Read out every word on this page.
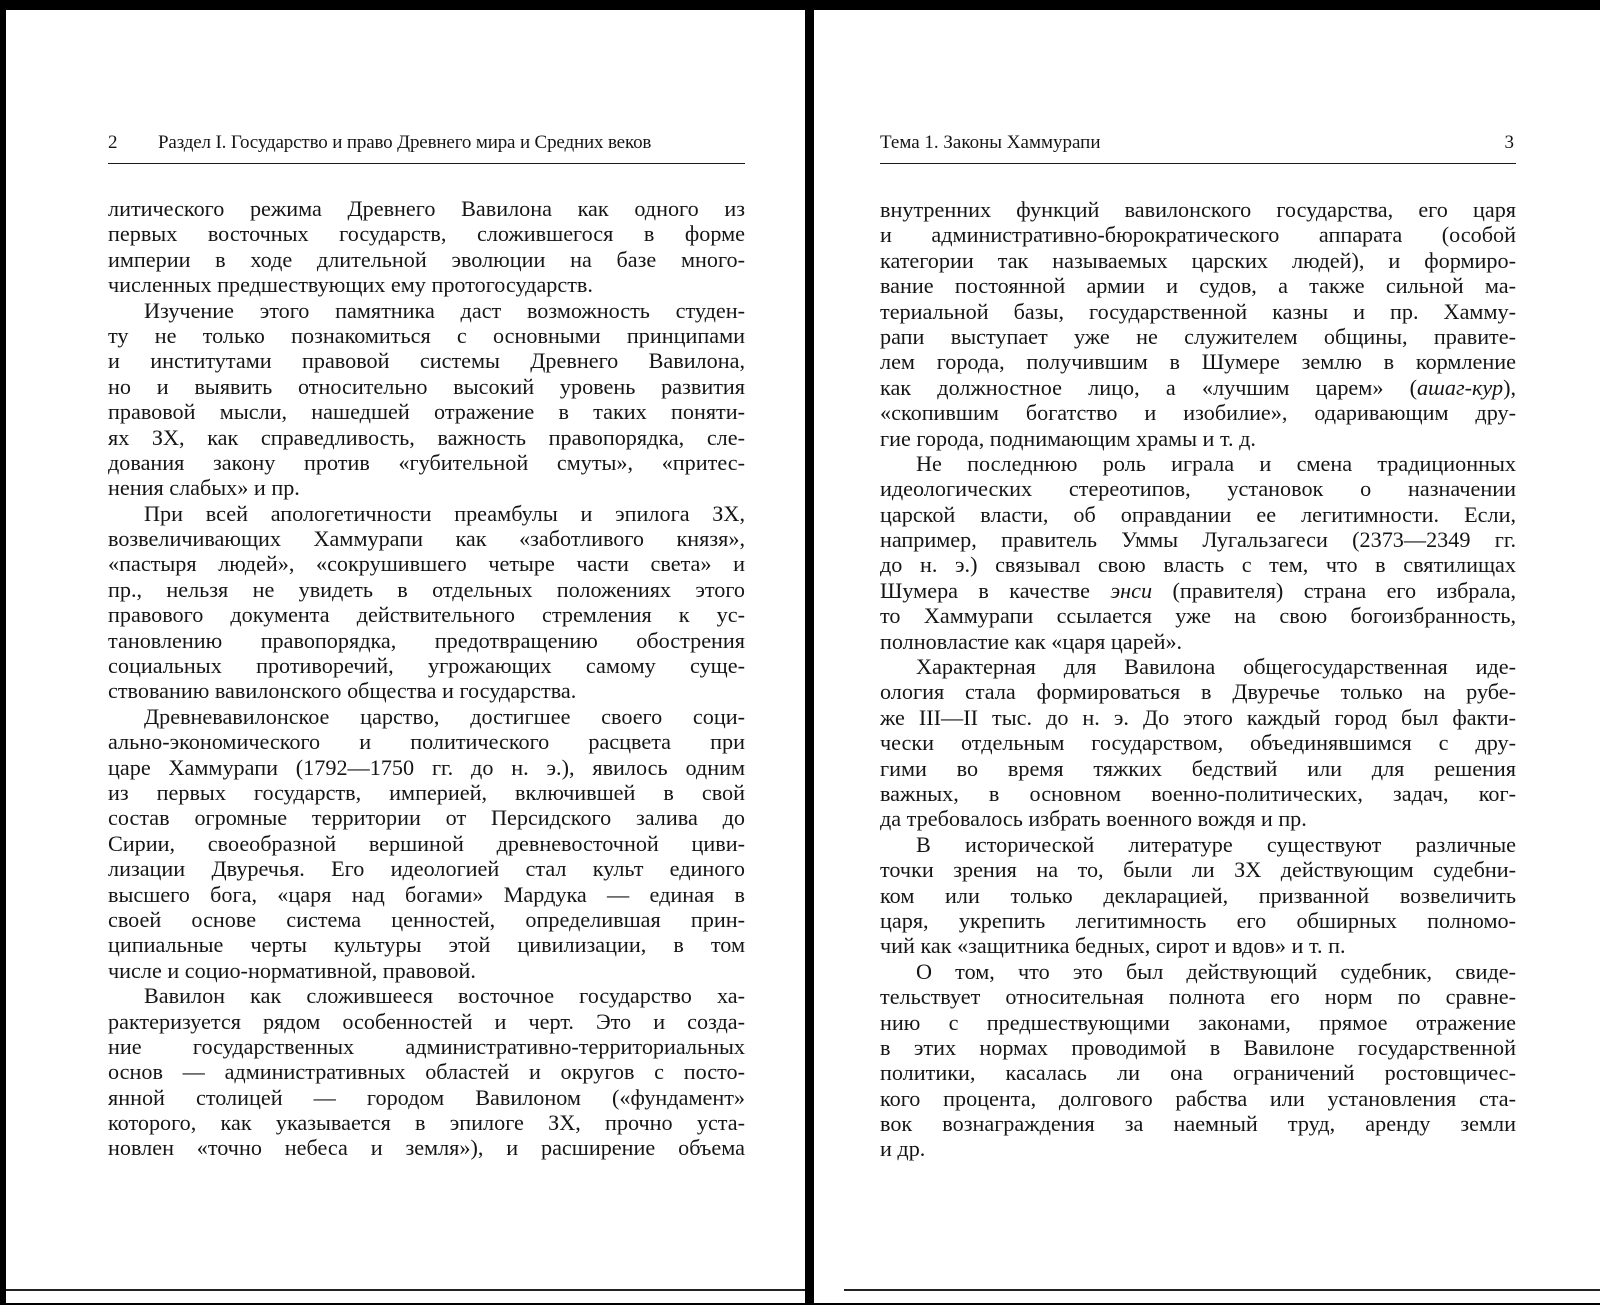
2 Раздел I. Государство и право Древнего мира и Средних веков
литического режима Древнего Вавилона как одного из
первых восточных государств, сложившегося в форме
империи в ходе длительной эволюции на базе много-
численных предшествующих ему протогосударств.
Изучение этого памятника даст возможность студен-
ту не только познакомиться с основными принципами
и институтами правовой системы Древнего Вавилона,
но и выявить относительно высокий уровень развития
правовой мысли, нашедшей отражение в таких поняти-
ях ЗХ, как справедливость, важность правопорядка, сле-
дования закону против «губительной смуты», «притес-
нения слабых» и пр.
При всей апологетичности преамбулы и эпилога ЗХ,
возвеличивающих Хаммурапи как «заботливого князя»,
«пастыря людей», «сокрушившего четыре части света» и
пр., нельзя не увидеть в отдельных положениях этого
правового документа действительного стремления к ус-
тановлению правопорядка, предотвращению обострения
социальных противоречий, угрожающих самому суще-
ствованию вавилонского общества и государства.
Древневавилонское царство, достигшее своего соци-
ально-экономического и политического расцвета при
царе Хаммурапи (1792—1750 гг. до н. э.), явилось одним
из первых государств, империей, включившей в свой
состав огромные территории от Персидского залива до
Сирии, своеобразной вершиной древневосточной циви-
лизации Двуречья. Его идеологией стал культ единого
высшего бога, «царя над богами» Мардука — единая в
своей основе система ценностей, определившая прин-
ципиальные черты культуры этой цивилизации, в том
числе и социо-нормативной, правовой.
Вавилон как сложившееся восточное государство ха-
рактеризуется рядом особенностей и черт. Это и созда-
ние государственных административно-территориальных
основ — административных областей и округов с посто-
янной столицей — городом Вавилоном («фундамент»
которого, как указывается в эпилоге ЗХ, прочно уста-
новлен «точно небеса и земля»), и расширение объема
Тема 1. Законы Хаммурапи	3
внутренних функций вавилонского государства, его царя
и административно-бюрократического аппарата (особой
категории так называемых царских людей), и формиро-
вание постоянной армии и судов, а также сильной ма-
териальной базы, государственной казны и пр. Хамму-
рапи выступает уже не служителем общины, правите-
лем города, получившим в Шумере землю в кормление
как должностное лицо, а «лучшим царем» (ашаг-кур),
«скопившим богатство и изобилие», одаривающим дру-
гие города, поднимающим храмы и т. д.
Не последнюю роль играла и смена традиционных
идеологических стереотипов, установок о назначении
царской власти, об оправдании ее легитимности. Если,
например, правитель Уммы Лугальзагеси (2373—2349 гг.
до н. э.) связывал свою власть с тем, что в святилищах
Шумера в качестве энси (правителя) страна его избрала,
то Хаммурапи ссылается уже на свою богоизбранность,
полновластие как «царя царей».
Характерная для Вавилона общегосударственная иде-
ология стала формироваться в Двуречье только на рубе-
же III—II тыс. до н. э. До этого каждый город был факти-
чески отдельным государством, объединявшимся с дру-
гими во время тяжких бедствий или для решения
важных, в основном военно-политических, задач, ког-
да требовалось избрать военного вождя и пр.
В исторической литературе существуют различные
точки зрения на то, были ли ЗХ действующим судебни-
ком или только декларацией, призванной возвеличить
царя, укрепить легитимность его обширных полномо-
чий как «защитника бедных, сирот и вдов» и т. п.
О том, что это был действующий судебник, свиде-
тельствует относительная полнота его норм по сравне-
нию с предшествующими законами, прямое отражение
в этих нормах проводимой в Вавилоне государственной
политики, касалась ли она ограничений ростовщичес-
кого процента, долгового рабства или установления ста-
вок вознаграждения за наемный труд, аренду земли
и др.
